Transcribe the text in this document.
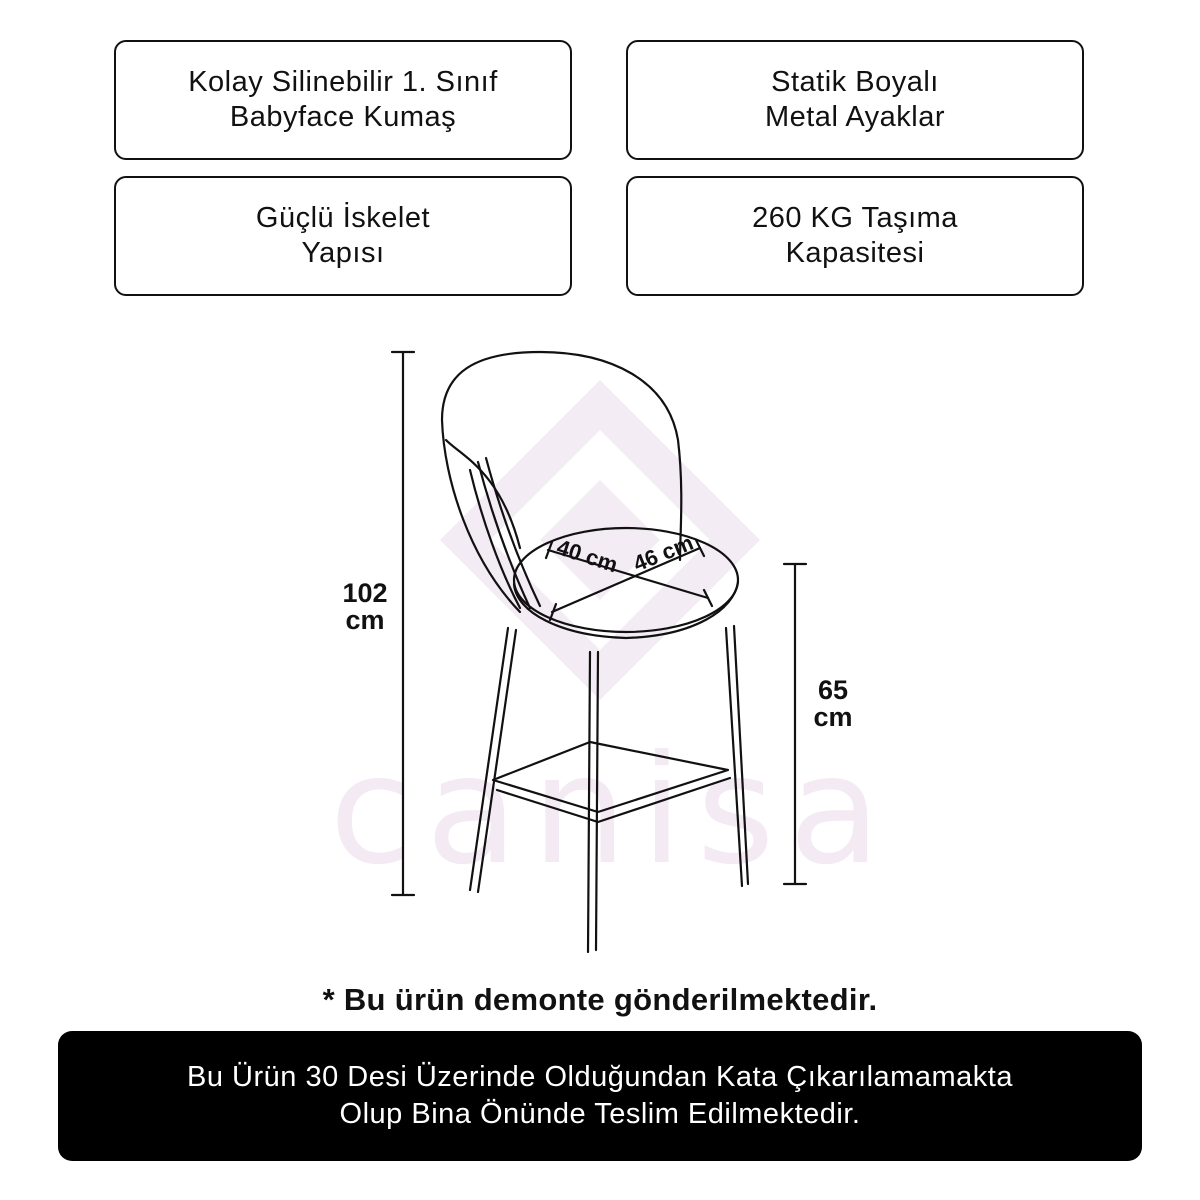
Kolay Silinebilir 1. Sınıf
Babyface Kumaş
Statik Boyalı
Metal Ayaklar
Güçlü İskelet
Yapısı
260 KG Taşıma
Kapasitesi
canisa
40 cm 46 cm
102
cm
65
cm
* Bu ürün demonte gönderilmektedir.
Bu Ürün 30 Desi Üzerinde Olduğundan Kata Çıkarılamamakta
Olup Bina Önünde Teslim Edilmektedir.
